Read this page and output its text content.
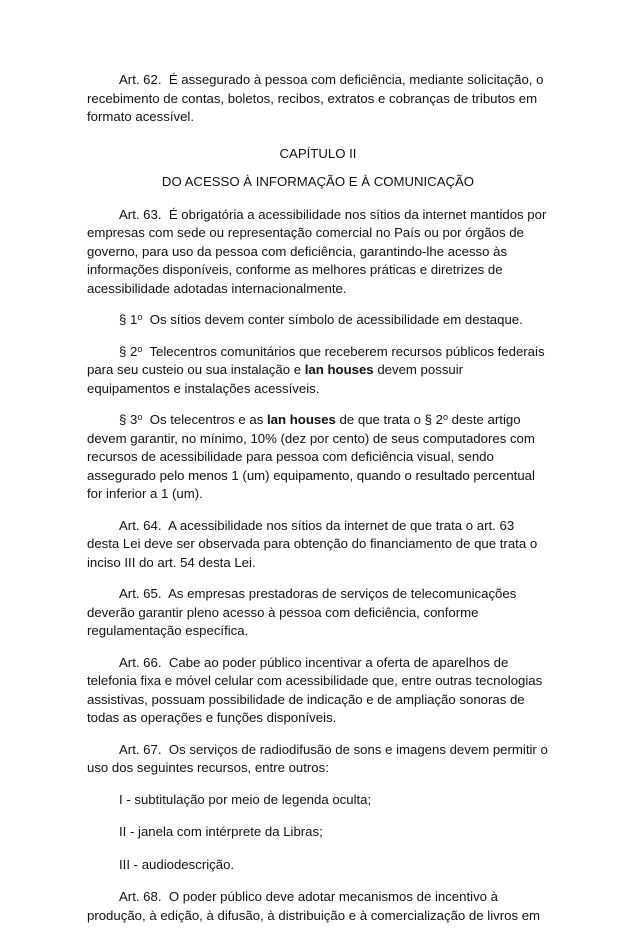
Art. 62. É assegurado à pessoa com deficiência, mediante solicitação, o recebimento de contas, boletos, recibos, extratos e cobranças de tributos em formato acessível.

CAPÍTULO II

DO ACESSO À INFORMAÇÃO E À COMUNICAÇÃO

Art. 63. É obrigatória a acessibilidade nos sítios da internet mantidos por empresas com sede ou representação comercial no País ou por órgãos de governo, para uso da pessoa com deficiência, garantindo-lhe acesso às informações disponíveis, conforme as melhores práticas e diretrizes de acessibilidade adotadas internacionalmente.

§ 1$^o$ Os sítios devem conter símbolo de acessibilidade em destaque.

§ 2$^o$ Telecentros comunitários que receberem recursos públicos federais para seu custeio ou sua instalação e lan houses devem possuir equipamentos e instalações acessíveis.

§ 3$^o$ Os telecentros e as lan houses de que trata o § 2$^o$ deste artigo devem garantir, no mínimo, 10% (dez por cento) de seus computadores com recursos de acessibilidade para pessoa com deficiência visual, sendo assegurado pelo menos 1 (um) equipamento, quando o resultado percentual for inferior a 1 (um).

Art. 64. A acessibilidade nos sítios da internet de que trata o art. 63 desta Lei deve ser observada para obtenção do financiamento de que trata o inciso III do art. 54 desta Lei.

Art. 65. As empresas prestadoras de serviços de telecomunicações deverão garantir pleno acesso à pessoa com deficiência, conforme regulamentação específica.

Art. 66. Cabe ao poder público incentivar a oferta de aparelhos de telefonia fixa e móvel celular com acessibilidade que, entre outras tecnologias assistivas, possuam possibilidade de indicação e de ampliação sonoras de todas as operações e funções disponíveis.

Art. 67. Os serviços de radiodifusão de sons e imagens devem permitir o uso dos seguintes recursos, entre outros:

I - subtitulação por meio de legenda oculta;

II - janela com intérprete da Libras;

III - audiodescrição.

Art. 68. O poder público deve adotar mecanismos de incentivo à produção, à edição, à difusão, à distribuição e à comercialização de livros em
